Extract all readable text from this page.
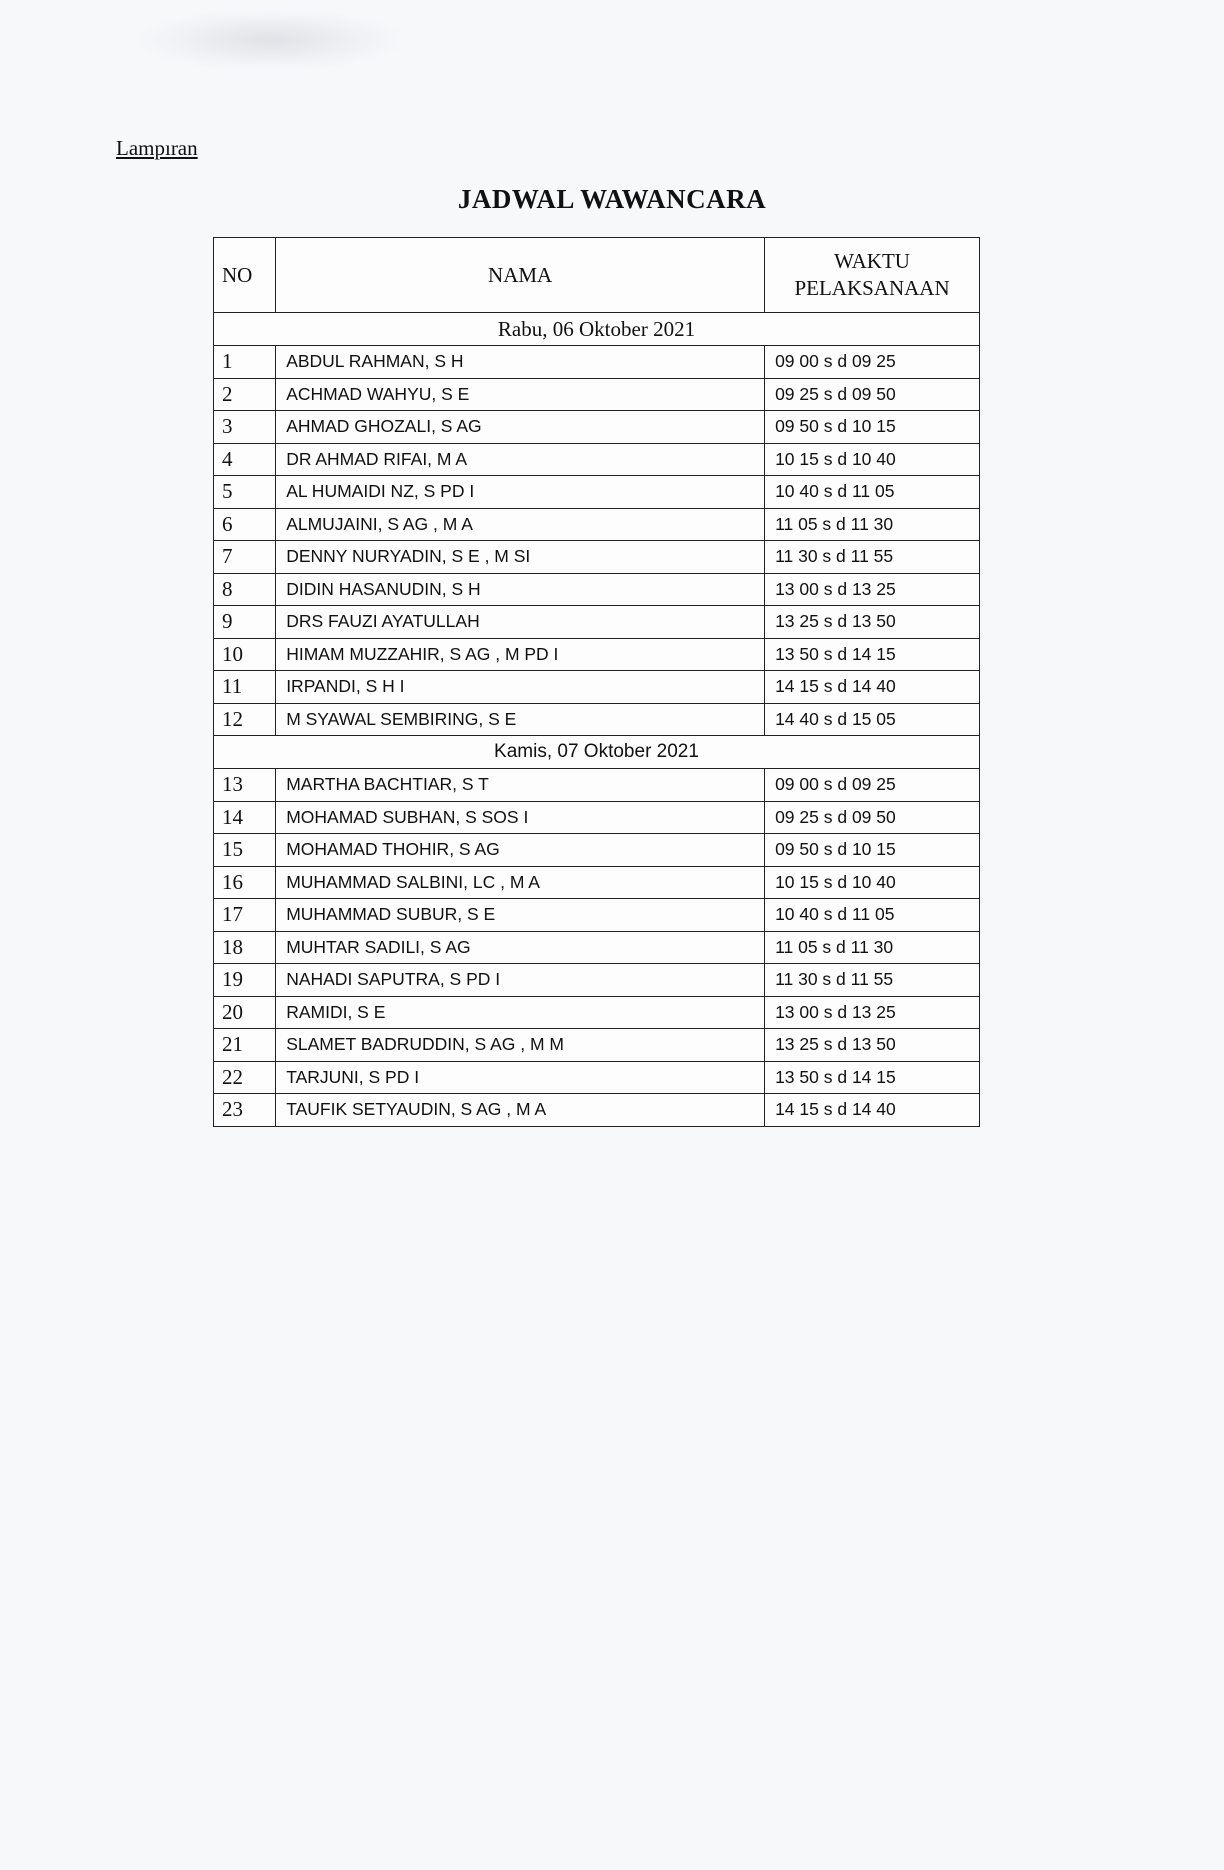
Lampıran
JADWAL WAWANCARA
NO	NAMA	WAKTU
PELAKSANAAN

Rabu, 06 Oktober 2021		
1	ABDUL RAHMAN, S H	09 00 s d 09 25
2	ACHMAD WAHYU, S E	09 25 s d 09 50
3	AHMAD GHOZALI, S AG	09 50 s d 10 15
4	DR AHMAD RIFAI, M A	10 15 s d 10 40
5	AL HUMAIDI NZ, S PD I	10 40 s d 11 05
6	ALMUJAINI, S AG , M A	11 05 s d 11 30
7	DENNY NURYADIN, S E , M SI	11 30 s d 11 55
8	DIDIN HASANUDIN, S H	13 00 s d 13 25
9	DRS FAUZI AYATULLAH	13 25 s d 13 50
10	HIMAM MUZZAHIR, S AG , M PD I	13 50 s d 14 15
11	IRPANDI, S H I	14 15 s d 14 40
12	M SYAWAL SEMBIRING, S E	14 40 s d 15 05
Kamis, 07 Oktober 2021		
13	MARTHA BACHTIAR, S T	09 00 s d 09 25
14	MOHAMAD SUBHAN, S SOS I	09 25 s d 09 50
15	MOHAMAD THOHIR, S AG	09 50 s d 10 15
16	MUHAMMAD SALBINI, LC , M A	10 15 s d 10 40
17	MUHAMMAD SUBUR, S E	10 40 s d 11 05
18	MUHTAR SADILI, S AG	11 05 s d 11 30
19	NAHADI SAPUTRA, S PD I	11 30 s d 11 55
20	RAMIDI, S E	13 00 s d 13 25
21	SLAMET BADRUDDIN, S AG , M M	13 25 s d 13 50
22	TARJUNI, S PD I	13 50 s d 14 15
23	TAUFIK SETYAUDIN, S AG , M A	14 15 s d 14 40
